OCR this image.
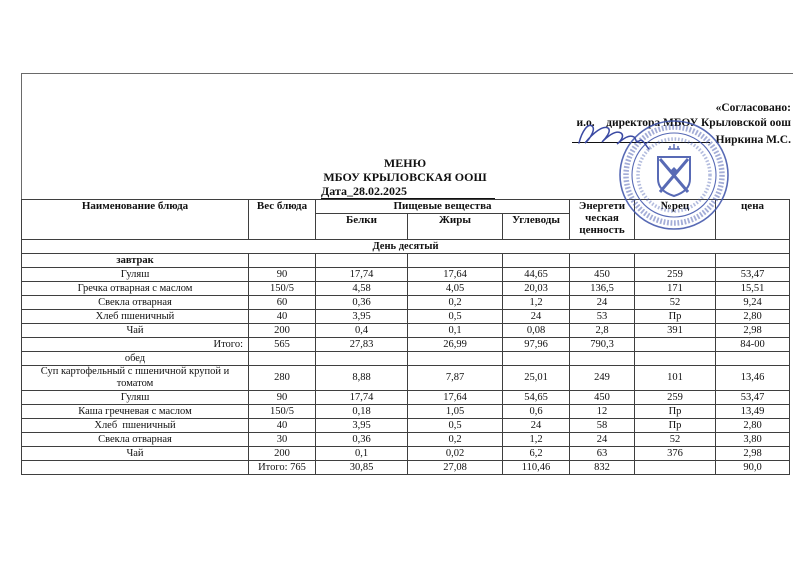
«Согласовано:
и.о.    директора МБОУ Крыловской оош
Ниркина М.С.
МЕНЮ
МБОУ КРЫЛОВСКАЯ ООШ
Дата_28.02.2025
Наименование блюда	Вес блюда	Пищевые вещества			Энергети ческая ценность	№рец	цена
		Белки	Жиры	Углеводы			
День десятый							
завтрак							
Гуляш	90	17,74	17,64	44,65	450	259	53,47
Гречка отварная с маслом	150/5	4,58	4,05	20,03	136,5	171	15,51
Свекла отварная	60	0,36	0,2	1,2	24	52	9,24
Хлеб пшеничный	40	3,95	0,5	24	53	Пр	2,80
Чай	200	0,4	0,1	0,08	2,8	391	2,98
Итого:	565	27,83	26,99	97,96	790,3		84-00
обед							
Суп картофельный с пшеничной крупой и томатом	280	8,88	7,87	25,01	249	101	13,46
Гуляш	90	17,74	17,64	54,65	450	259	53,47
Каша гречневая с маслом	150/5	0,18	1,05	0,6	12	Пр	13,49
Хлеб  пшеничный	40	3,95	0,5	24	58	Пр	2,80
Свекла отварная	30	0,36	0,2	1,2	24	52	3,80
Чай	200	0,1	0,02	6,2	63	376	2,98
	Итого: 765	30,85	27,08	110,46	832		90,0
